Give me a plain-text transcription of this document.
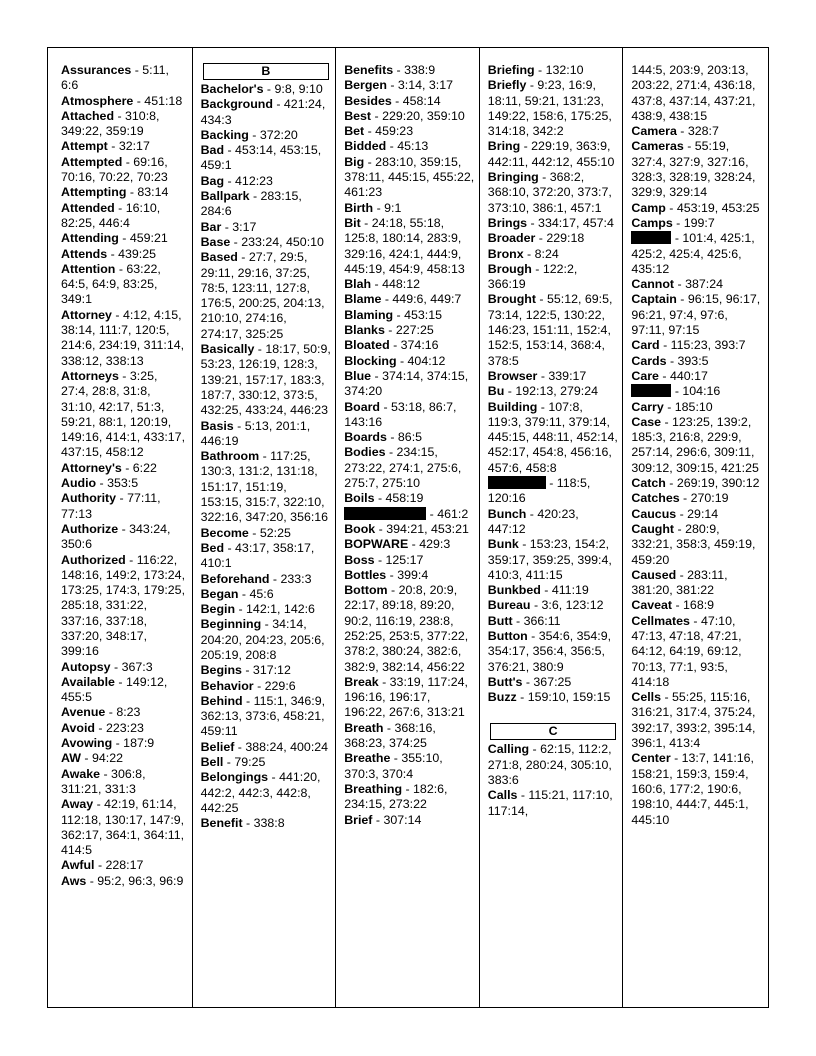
Assurances - 5:11, 6:6
Atmosphere - 451:18
Attached - 310:8, 349:22, 359:19
Attempt - 32:17
Attempted - 69:16, 70:16, 70:22, 70:23
Attempting - 83:14
Attended - 16:10, 82:25, 446:4
Attending - 459:21
Attends - 439:25
Attention - 63:22, 64:5, 64:9, 83:25, 349:1
Attorney - 4:12, 4:15, 38:14, 111:7, 120:5, 214:6, 234:19, 311:14, 338:12, 338:13
Attorneys - 3:25, 27:4, 28:8, 31:8, 31:10, 42:17, 51:3, 59:21, 88:1, 120:19, 149:16, 414:1, 433:17, 437:15, 458:12
Attorney's - 6:22
Audio - 353:5
Authority - 77:11, 77:13
Authorize - 343:24, 350:6
Authorized - 116:22, 148:16, 149:2, 173:24, 173:25, 174:3, 179:25, 285:18, 331:22, 337:16, 337:18, 337:20, 348:17, 399:16
Autopsy - 367:3
Available - 149:12, 455:5
Avenue - 8:23
Avoid - 223:23
Avowing - 187:9
AW - 94:22
Awake - 306:8, 311:21, 331:3
Away - 42:19, 61:14, 112:18, 130:17, 147:9, 362:17, 364:1, 364:11, 414:5
Awful - 228:17
Aws - 95:2, 96:3, 96:9
B
Bachelor's - 9:8, 9:10
Background - 421:24, 434:3
Backing - 372:20
Bad - 453:14, 453:15, 459:1
Bag - 412:23
Ballpark - 283:15, 284:6
Bar - 3:17
Base - 233:24, 450:10
Based - 27:7, 29:5, 29:11, 29:16, 37:25, 78:5, 123:11, 127:8, 176:5, 200:25, 204:13, 210:10, 274:16, 274:17, 325:25
Basically - 18:17, 50:9, 53:23, 126:19, 128:3, 139:21, 157:17, 183:3, 187:7, 330:12, 373:5, 432:25, 433:24, 446:23
Basis - 5:13, 201:1, 446:19
Bathroom - 117:25, 130:3, 131:2, 131:18, 151:17, 151:19, 153:15, 315:7, 322:10, 322:16, 347:20, 356:16
Become - 52:25
Bed - 43:17, 358:17, 410:1
Beforehand - 233:3
Began - 45:6
Begin - 142:1, 142:6
Beginning - 34:14, 204:20, 204:23, 205:6, 205:19, 208:8
Begins - 317:12
Behavior - 229:6
Behind - 115:1, 346:9, 362:13, 373:6, 458:21, 459:11
Belief - 388:24, 400:24
Bell - 79:25
Belongings - 441:20, 442:2, 442:3, 442:8, 442:25
Benefit - 338:8
Benefits - 338:9
Bergen - 3:14, 3:17
Besides - 458:14
Best - 229:20, 359:10
Bet - 459:23
Bidded - 45:13
Big - 283:10, 359:15, 378:11, 445:15, 455:22, 461:23
Birth - 9:1
Bit - 24:18, 55:18, 125:8, 180:14, 283:9, 329:16, 424:1, 444:9, 445:19, 454:9, 458:13
Blah - 448:12
Blame - 449:6, 449:7
Blaming - 453:15
Blanks - 227:25
Bloated - 374:16
Blocking - 404:12
Blue - 374:14, 374:15, 374:20
Board - 53:18, 86:7, 143:16
Boards - 86:5
Bodies - 234:15, 273:22, 274:1, 275:6, 275:7, 275:10
Boils - 458:19
- 461:2
Book - 394:21, 453:21
BOPWARE - 429:3
Boss - 125:17
Bottles - 399:4
Bottom - 20:8, 20:9, 22:17, 89:18, 89:20, 90:2, 116:19, 238:8, 252:25, 253:5, 377:22, 378:2, 380:24, 382:6, 382:9, 382:14, 456:22
Break - 33:19, 117:24, 196:16, 196:17, 196:22, 267:6, 313:21
Breath - 368:16, 368:23, 374:25
Breathe - 355:10, 370:3, 370:4
Breathing - 182:6, 234:15, 273:22
Brief - 307:14
Briefing - 132:10
Briefly - 9:23, 16:9, 18:11, 59:21, 131:23, 149:22, 158:6, 175:25, 314:18, 342:2
Bring - 229:19, 363:9, 442:11, 442:12, 455:10
Bringing - 368:2, 368:10, 372:20, 373:7, 373:10, 386:1, 457:1
Brings - 334:17, 457:4
Broader - 229:18
Bronx - 8:24
Brough - 122:2, 366:19
Brought - 55:12, 69:5, 73:14, 122:5, 130:22, 146:23, 151:11, 152:4, 152:5, 153:14, 368:4, 378:5
Browser - 339:17
Bu - 192:13, 279:24
Building - 107:8, 119:3, 379:11, 379:14, 445:15, 448:11, 452:14, 452:17, 454:8, 456:16, 457:6, 458:8
- 118:5, 120:16
Bunch - 420:23, 447:12
Bunk - 153:23, 154:2, 359:17, 359:25, 399:4, 410:3, 411:15
Bunkbed - 411:19
Bureau - 3:6, 123:12
Butt - 366:11
Button - 354:6, 354:9, 354:17, 356:4, 356:5, 376:21, 380:9
Butt's - 367:25
Buzz - 159:10, 159:15
C
Calling - 62:15, 112:2, 271:8, 280:24, 305:10, 383:6
Calls - 115:21, 117:10, 117:14,
144:5, 203:9, 203:13, 203:22, 271:4, 436:18, 437:8, 437:14, 437:21, 438:9, 438:15
Camera - 328:7
Cameras - 55:19, 327:4, 327:9, 327:16, 328:3, 328:19, 328:24, 329:9, 329:14
Camp - 453:19, 453:25
Camps - 199:7
- 101:4, 425:1, 425:2, 425:4, 425:6, 435:12
Cannot - 387:24
Captain - 96:15, 96:17, 96:21, 97:4, 97:6, 97:11, 97:15
Card - 115:23, 393:7
Cards - 393:5
Care - 440:17
- 104:16
Carry - 185:10
Case - 123:25, 139:2, 185:3, 216:8, 229:9, 257:14, 296:6, 309:11, 309:12, 309:15, 421:25
Catch - 269:19, 390:12
Catches - 270:19
Caucus - 29:14
Caught - 280:9, 332:21, 358:3, 459:19, 459:20
Caused - 283:11, 381:20, 381:22
Caveat - 168:9
Cellmates - 47:10, 47:13, 47:18, 47:21, 64:12, 64:19, 69:12, 70:13, 77:1, 93:5, 414:18
Cells - 55:25, 115:16, 316:21, 317:4, 375:24, 392:17, 393:2, 395:14, 396:1, 413:4
Center - 13:7, 141:16, 158:21, 159:3, 159:4, 160:6, 177:2, 190:6, 198:10, 444:7, 445:1, 445:10
